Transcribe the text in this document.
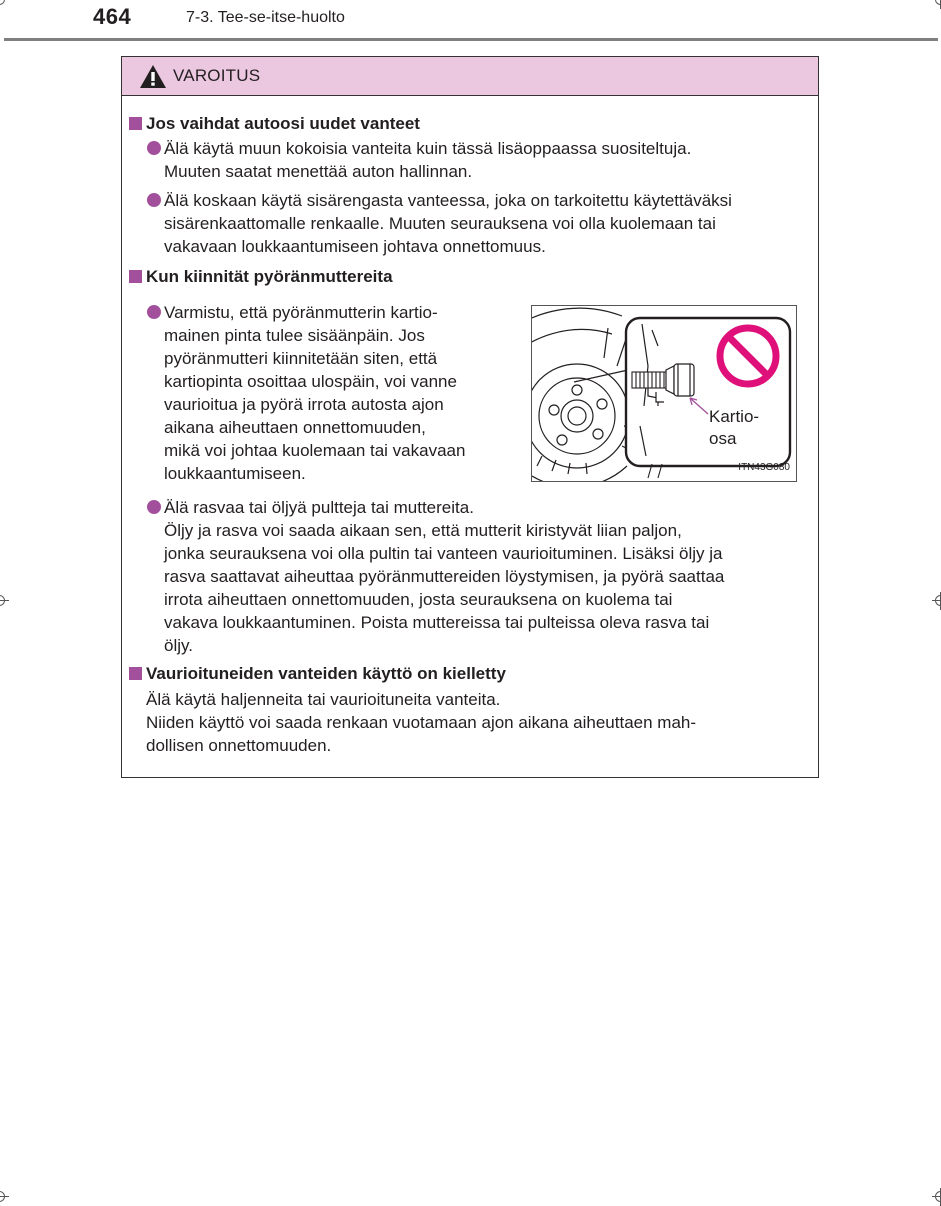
464	7-3. Tee-se-itse-huolto
VAROITUS
Jos vaihdat autoosi uudet vanteet
Älä käytä muun kokoisia vanteita kuin tässä lisäoppaassa suositeltuja.
Muuten saatat menettää auton hallinnan.
Älä koskaan käytä sisärengasta vanteessa, joka on tarkoitettu käytettäväksi
sisärenkaattomalle renkaalle. Muuten seurauksena voi olla kuolemaan tai
vakavaan loukkaantumiseen johtava onnettomuus.
Kun kiinnität pyöränmuttereita
Varmistu, että pyöränmutterin kartio-
mainen pinta tulee sisäänpäin. Jos
pyöränmutteri kiinnitetään siten, että
kartiopinta osoittaa ulospäin, voi vanne
vaurioitua ja pyörä irrota autosta ajon
aikana aiheuttaen onnettomuuden,
mikä voi johtaa kuolemaan tai vakavaan
loukkaantumiseen.
Kartio-
osa
ITN43G080
Älä rasvaa tai öljyä pultteja tai muttereita.
Öljy ja rasva voi saada aikaan sen, että mutterit kiristyvät liian paljon,
jonka seurauksena voi olla pultin tai vanteen vaurioituminen. Lisäksi öljy ja
rasva saattavat aiheuttaa pyöränmuttereiden löystymisen, ja pyörä saattaa
irrota aiheuttaen onnettomuuden, josta seurauksena on kuolema tai
vakava loukkaantuminen. Poista muttereissa tai pulteissa oleva rasva tai
öljy.
Vaurioituneiden vanteiden käyttö on kielletty
Älä käytä haljenneita tai vaurioituneita vanteita.
Niiden käyttö voi saada renkaan vuotamaan ajon aikana aiheuttaen mah-
dollisen onnettomuuden.
